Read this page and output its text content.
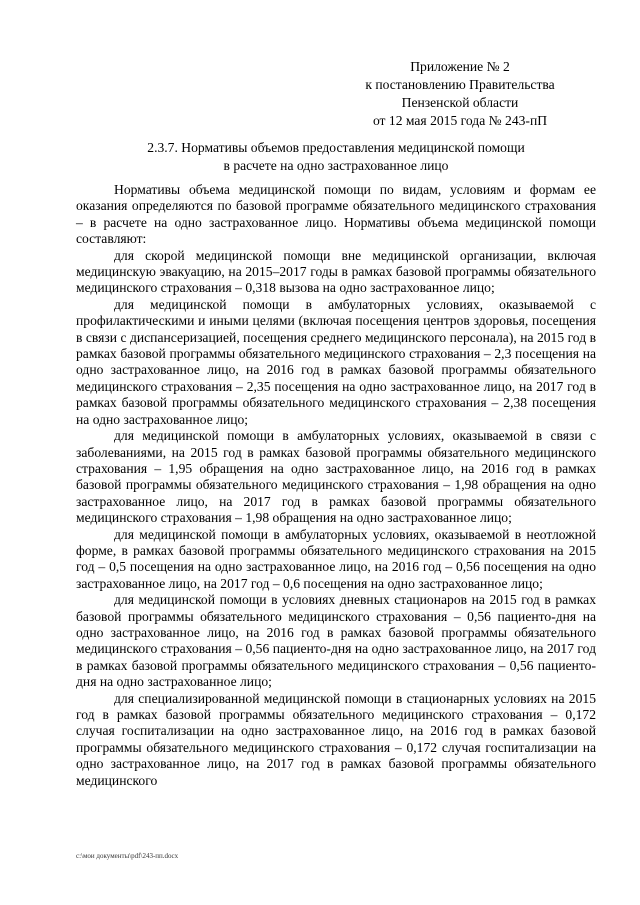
Приложение № 2
к постановлению Правительства
Пензенской области
от 12 мая 2015 года № 243-пП
2.3.7. Нормативы объемов предоставления медицинской помощи
в расчете на одно застрахованное лицо

Нормативы объема медицинской помощи по видам, условиям и формам ее оказания определяются по базовой программе обязательного медицинского страхования – в расчете на одно застрахованное лицо. Нормативы объема медицинской помощи составляют:

для скорой медицинской помощи вне медицинской организации, включая медицинскую эвакуацию, на 2015–2017 годы в рамках базовой программы обязательного медицинского страхования – 0,318 вызова на одно застрахованное лицо;

для медицинской помощи в амбулаторных условиях, оказываемой с профилактическими и иными целями (включая посещения центров здоровья, посещения в связи с диспансеризацией, посещения среднего медицинского персонала), на 2015 год в рамках базовой программы обязательного медицинского страхования – 2,3 посещения на одно застрахованное лицо, на 2016 год в рамках базовой программы обязательного медицинского страхования – 2,35 посещения на одно застрахованное лицо, на 2017 год в рамках базовой программы обязательного медицинского страхования – 2,38 посещения на одно застрахованное лицо;

для медицинской помощи в амбулаторных условиях, оказываемой в связи с заболеваниями, на 2015 год в рамках базовой программы обязательного медицинского страхования – 1,95 обращения на одно застрахованное лицо, на 2016 год в рамках базовой программы обязательного медицинского страхования – 1,98 обращения на одно застрахованное лицо, на 2017 год в рамках базовой программы обязательного медицинского страхования – 1,98 обращения на одно застрахованное лицо;

для медицинской помощи в амбулаторных условиях, оказываемой в неотложной форме, в рамках базовой программы обязательного медицинского страхования на 2015 год – 0,5 посещения на одно застрахованное лицо, на 2016 год – 0,56 посещения на одно застрахованное лицо, на 2017 год – 0,6 посещения на одно застрахованное лицо;

для медицинской помощи в условиях дневных стационаров на 2015 год в рамках базовой программы обязательного медицинского страхования – 0,56 пациенто-дня на одно застрахованное лицо, на 2016 год в рамках базовой программы обязательного медицинского страхования – 0,56 пациенто-дня на одно застрахованное лицо, на 2017 год в рамках базовой программы обязательного медицинского страхования – 0,56 пациенто-дня на одно застрахованное лицо;

для специализированной медицинской помощи в стационарных условиях на 2015 год в рамках базовой программы обязательного медицинского страхования – 0,172 случая госпитализации на одно застрахованное лицо, на 2016 год в рамках базовой программы обязательного медицинского страхования – 0,172 случая госпитализации на одно застрахованное лицо, на 2017 год в рамках базовой программы обязательного медицинского

c:\мои документы\pdf\243-пп.docx
